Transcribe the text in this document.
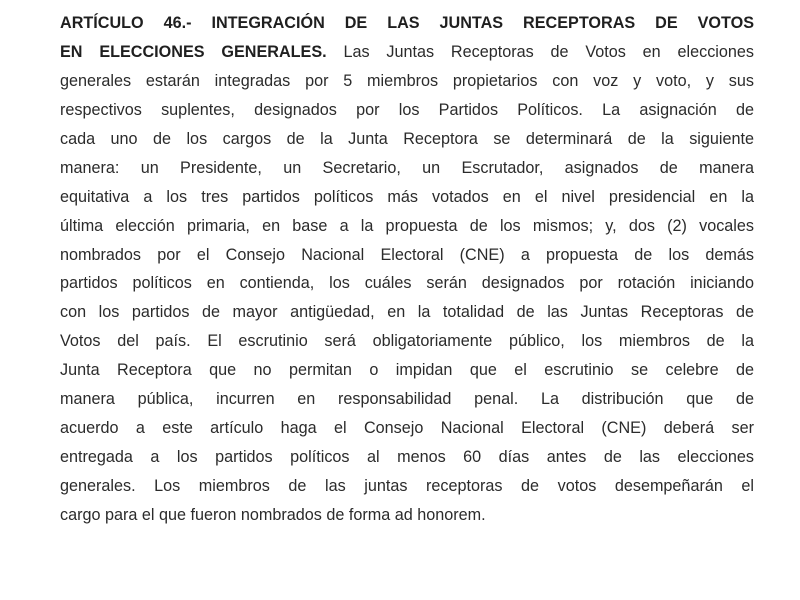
ARTÍCULO 46.- INTEGRACIÓN DE LAS JUNTAS RECEPTORAS DE VOTOS
EN ELECCIONES GENERALES. Las Juntas Receptoras de Votos en elecciones
generales estarán integradas por 5 miembros propietarios con voz y voto, y sus
respectivos suplentes, designados por los Partidos Políticos. La asignación de
cada uno de los cargos de la Junta Receptora se determinará de la siguiente
manera: un Presidente, un Secretario, un Escrutador, asignados de manera
equitativa a los tres partidos políticos más votados en el nivel presidencial en la
última elección primaria, en base a la propuesta de los mismos; y, dos (2) vocales
nombrados por el Consejo Nacional Electoral (CNE) a propuesta de los demás
partidos políticos en contienda, los cuáles serán designados por rotación iniciando
con los partidos de mayor antigüedad, en la totalidad de las Juntas Receptoras de
Votos del país. El escrutinio será obligatoriamente público, los miembros de la
Junta Receptora que no permitan o impidan que el escrutinio se celebre de
manera pública, incurren en responsabilidad penal. La distribución que de
acuerdo a este artículo haga el Consejo Nacional Electoral (CNE) deberá ser
entregada a los partidos políticos al menos 60 días antes de las elecciones
generales. Los miembros de las juntas receptoras de votos desempeñarán el
cargo para el que fueron nombrados de forma ad honorem.
